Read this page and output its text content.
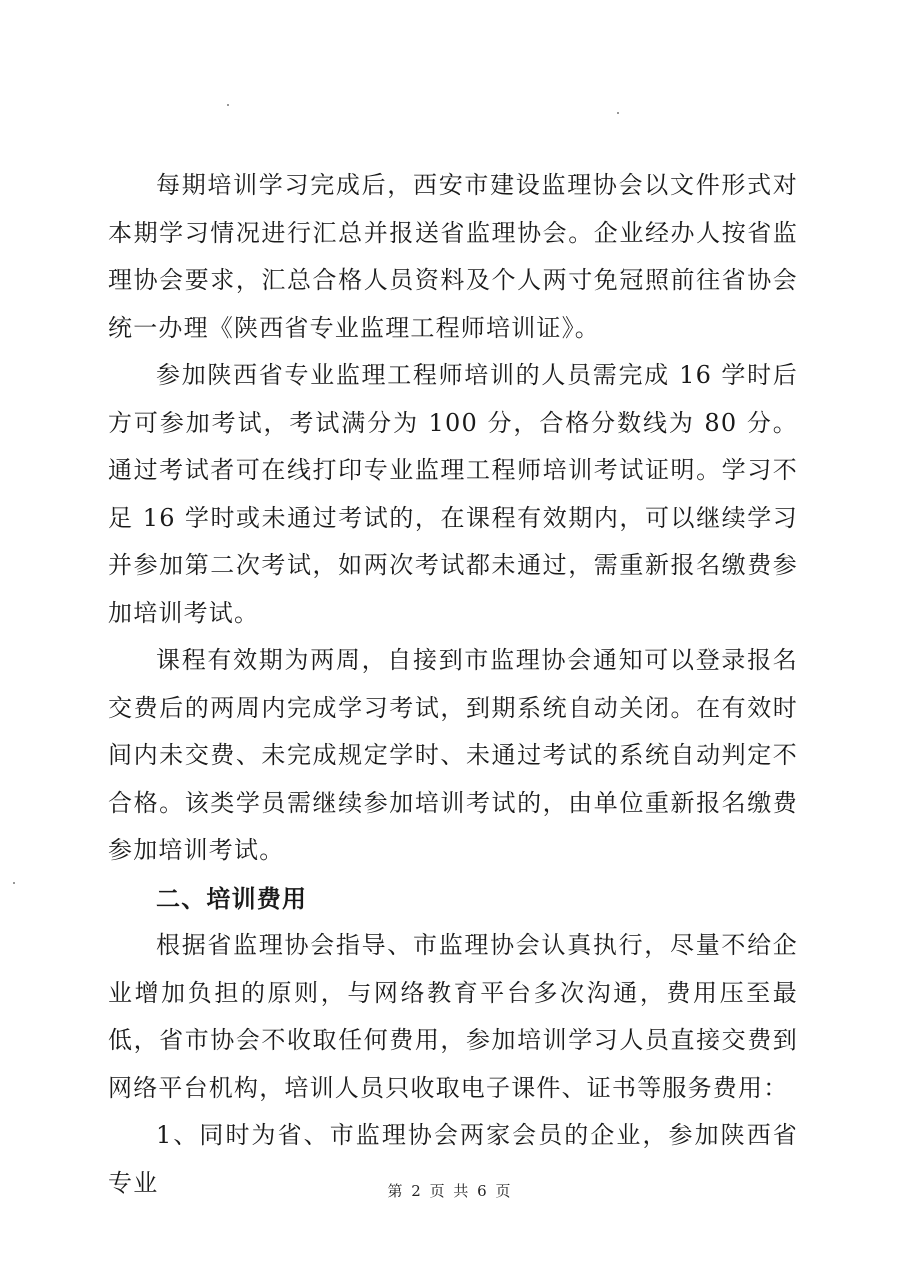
每期培训学习完成后，西安市建设监理协会以文件形式对本期学习情况进行汇总并报送省监理协会。企业经办人按省监理协会要求，汇总合格人员资料及个人两寸免冠照前往省协会统一办理《陕西省专业监理工程师培训证》。

参加陕西省专业监理工程师培训的人员需完成 16 学时后方可参加考试，考试满分为 100 分，合格分数线为 80 分。通过考试者可在线打印专业监理工程师培训考试证明。学习不足 16 学时或未通过考试的，在课程有效期内，可以继续学习并参加第二次考试，如两次考试都未通过，需重新报名缴费参加培训考试。

课程有效期为两周，自接到市监理协会通知可以登录报名交费后的两周内完成学习考试，到期系统自动关闭。在有效时间内未交费、未完成规定学时、未通过考试的系统自动判定不合格。该类学员需继续参加培训考试的，由单位重新报名缴费参加培训考试。

二、培训费用

根据省监理协会指导、市监理协会认真执行，尽量不给企业增加负担的原则，与网络教育平台多次沟通，费用压至最低，省市协会不收取任何费用，参加培训学习人员直接交费到网络平台机构，培训人员只收取电子课件、证书等服务费用：

1、同时为省、市监理协会两家会员的企业，参加陕西省专业	第 2 页 共 6 页
